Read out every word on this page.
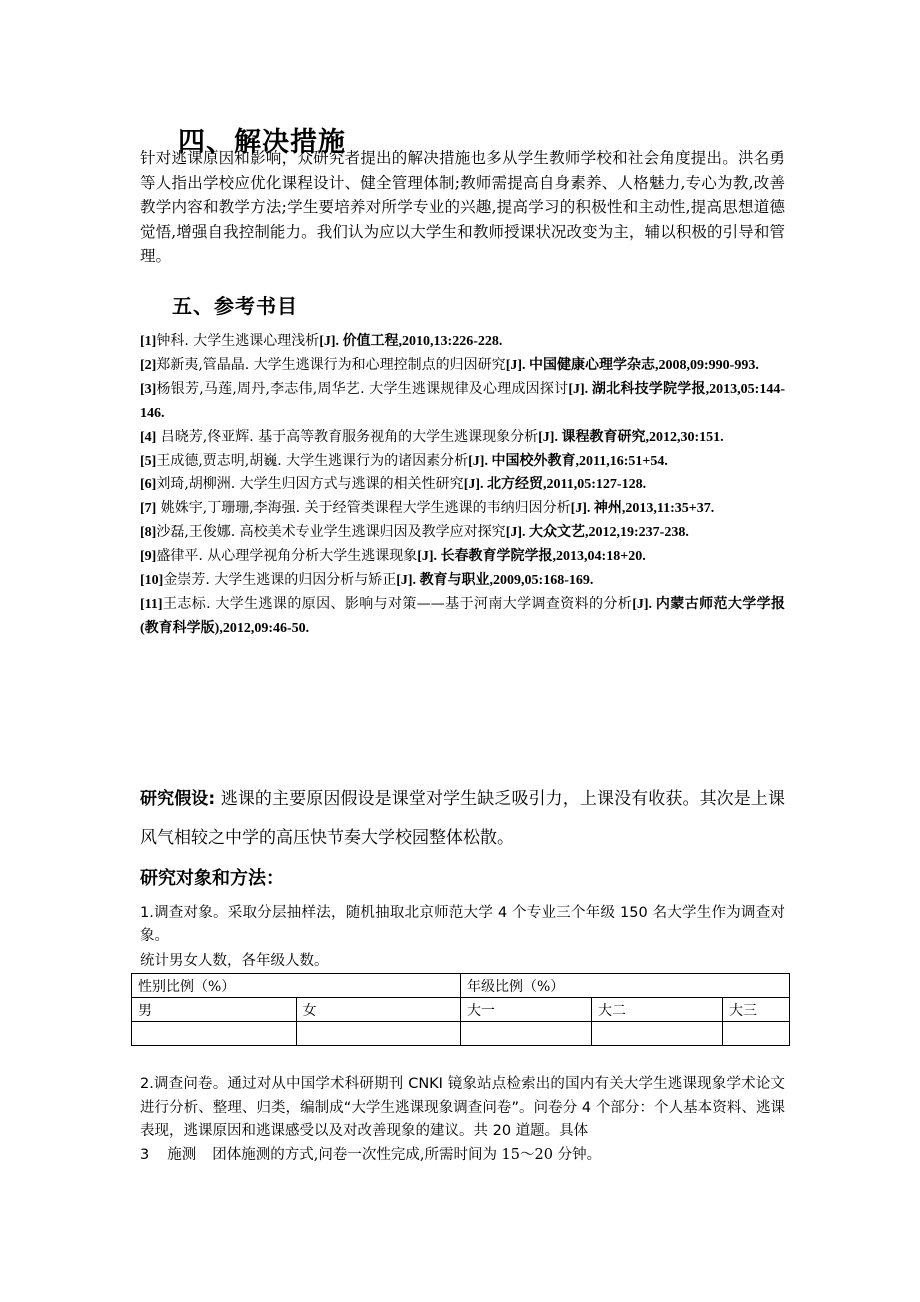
四、解决措施
针对逃课原因和影响，众研究者提出的解决措施也多从学生教师学校和社会角度提出。洪名勇等人指出学校应优化课程设计、健全管理体制;教师需提高自身素养、人格魅力,专心为教,改善教学内容和教学方法;学生要培养对所学专业的兴趣,提高学习的积极性和主动性,提高思想道德觉悟,增强自我控制能力。我们认为应以大学生和教师授课状况改变为主，辅以积极的引导和管理。
五、参考书目
[1]钟科. 大学生逃课心理浅析[J]. 价值工程,2010,13:226-228.
[2]郑新夷,管晶晶. 大学生逃课行为和心理控制点的归因研究[J]. 中国健康心理学杂志,2008,09:990-993.
[3]杨银芳,马莲,周丹,李志伟,周华艺. 大学生逃课规律及心理成因探讨[J]. 湖北科技学院学报,2013,05:144-146.
[4] 吕晓芳,佟亚辉. 基于高等教育服务视角的大学生逃课现象分析[J]. 课程教育研究,2012,30:151.
[5]王成德,贾志明,胡巍. 大学生逃课行为的诸因素分析[J]. 中国校外教育,2011,16:51+54.
[6]刘琦,胡柳洲. 大学生归因方式与逃课的相关性研究[J]. 北方经贸,2011,05:127-128.
[7] 姚姝宇,丁珊珊,李海强. 关于经管类课程大学生逃课的韦纳归因分析[J]. 神州,2013,11:35+37.
[8]沙磊,王俊娜. 高校美术专业学生逃课归因及教学应对探究[J]. 大众文艺,2012,19:237-238.
[9]盛律平. 从心理学视角分析大学生逃课现象[J]. 长春教育学院学报,2013,04:18+20.
[10]金崇芳. 大学生逃课的归因分析与矫正[J]. 教育与职业,2009,05:168-169.
[11]王志标. 大学生逃课的原因、影响与对策——基于河南大学调查资料的分析[J]. 内蒙古师范大学学报(教育科学版),2012,09:46-50.
研究假设: 逃课的主要原因假设是课堂对学生缺乏吸引力，上课没有收获。其次是上课风气相较之中学的高压快节奏大学校园整体松散。
研究对象和方法：
1.调查对象。采取分层抽样法，随机抽取北京师范大学 4 个专业三个年级 150 名大学生作为调查对象。
统计男女人数，各年级人数。
性别比例（%）		年级比例（%）		
男	女	大一	大二	大三

2.调查问卷。通过对从中国学术科研期刊 CNKI 镜象站点检索出的国内有关大学生逃课现象学术论文进行分析、整理、归类，编制成“大学生逃课现象调查问卷”。问卷分 4 个部分：个人基本资料、逃课表现，逃课原因和逃课感受以及对改善现象的建议。共 20 道题。具体
3 施测 团体施测的方式,问卷一次性完成,所需时间为 15～20 分钟。
